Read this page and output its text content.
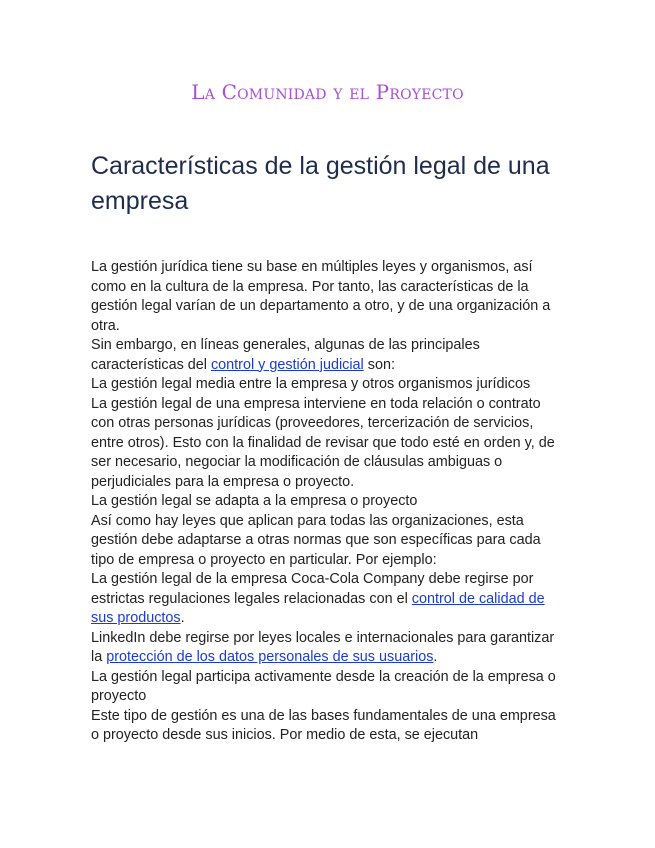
La Comunidad y el Proyecto
Características de la gestión legal de una empresa

La gestión jurídica tiene su base en múltiples leyes y organismos, así como en la cultura de la empresa. Por tanto, las características de la gestión legal varían de un departamento a otro, y de una organización a otra.

Sin embargo, en líneas generales, algunas de las principales características del control y gestión judicial son:

La gestión legal media entre la empresa y otros organismos jurídicos

La gestión legal de una empresa interviene en toda relación o contrato con otras personas jurídicas (proveedores, tercerización de servicios, entre otros). Esto con la finalidad de revisar que todo esté en orden y, de ser necesario, negociar la modificación de cláusulas ambiguas o perjudiciales para la empresa o proyecto.

La gestión legal se adapta a la empresa o proyecto

Así como hay leyes que aplican para todas las organizaciones, esta gestión debe adaptarse a otras normas que son específicas para cada tipo de empresa o proyecto en particular. Por ejemplo:

La gestión legal de la empresa Coca-Cola Company debe regirse por estrictas regulaciones legales relacionadas con el control de calidad de sus productos.

LinkedIn debe regirse por leyes locales e internacionales para garantizar la protección de los datos personales de sus usuarios.

La gestión legal participa activamente desde la creación de la empresa o proyecto

Este tipo de gestión es una de las bases fundamentales de una empresa o proyecto desde sus inicios. Por medio de esta, se ejecutan
